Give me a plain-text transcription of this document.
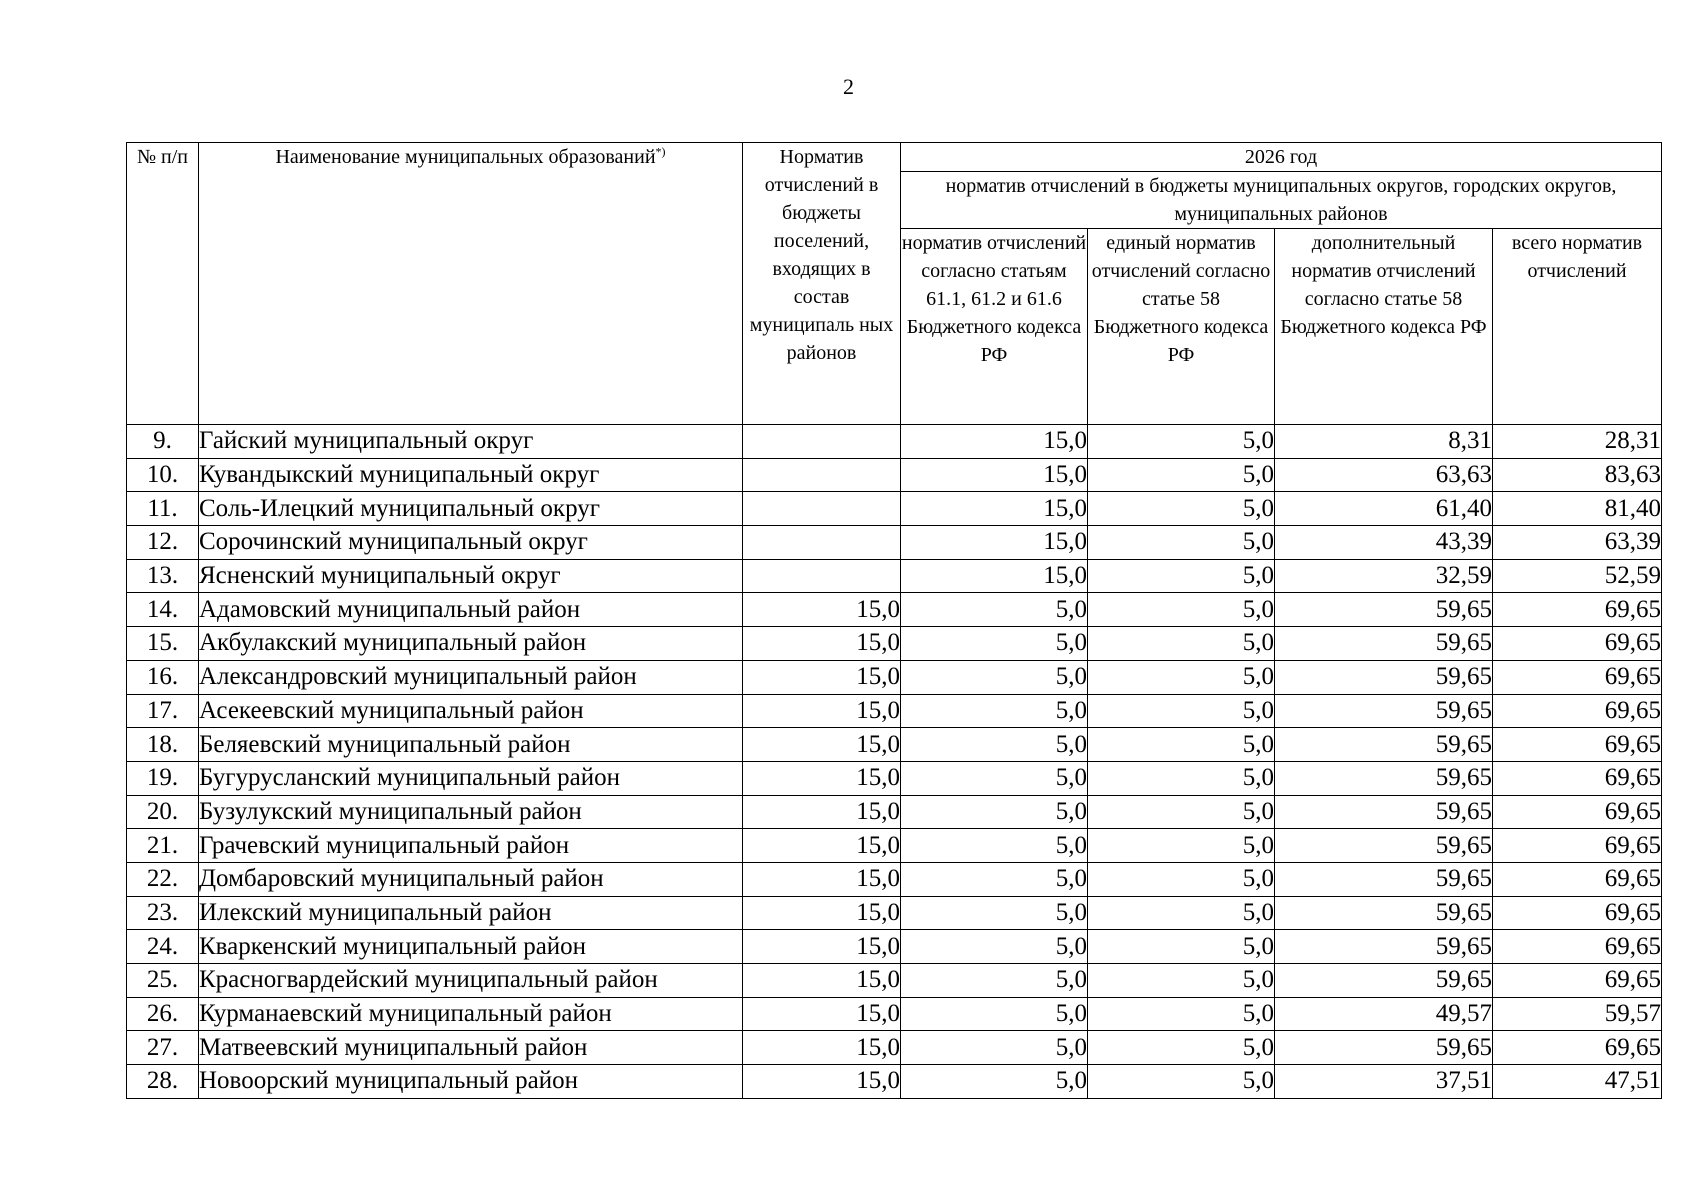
2
№ п/п	Наименование муниципальных образований*)	Норматив отчислений в бюджеты поселений, входящих в состав муниципаль ных районов	2026 год			
			норматив отчислений в бюджеты муниципальных округов, городских округов, муниципальных районов			
			норматив отчислений согласно статьям 61.1, 61.2 и 61.6 Бюджетного кодекса РФ	единый норматив отчислений согласно статье 58 Бюджетного кодекса РФ	дополнительный норматив отчислений согласно статье 58 Бюджетного кодекса РФ	всего норматив отчислений
9.	Гайский муниципальный округ		15,0	5,0	8,31	28,31
10.	Кувандыкский муниципальный округ		15,0	5,0	63,63	83,63
11.	Соль-Илецкий муниципальный округ		15,0	5,0	61,40	81,40
12.	Сорочинский муниципальный округ		15,0	5,0	43,39	63,39
13.	Ясненский муниципальный округ		15,0	5,0	32,59	52,59
14.	Адамовский муниципальный район	15,0	5,0	5,0	59,65	69,65
15.	Акбулакский муниципальный район	15,0	5,0	5,0	59,65	69,65
16.	Александровский муниципальный район	15,0	5,0	5,0	59,65	69,65
17.	Асекеевский муниципальный район	15,0	5,0	5,0	59,65	69,65
18.	Беляевский муниципальный район	15,0	5,0	5,0	59,65	69,65
19.	Бугурусланский муниципальный район	15,0	5,0	5,0	59,65	69,65
20.	Бузулукский муниципальный район	15,0	5,0	5,0	59,65	69,65
21.	Грачевский муниципальный район	15,0	5,0	5,0	59,65	69,65
22.	Домбаровский муниципальный район	15,0	5,0	5,0	59,65	69,65
23.	Илекский муниципальный район	15,0	5,0	5,0	59,65	69,65
24.	Кваркенский муниципальный район	15,0	5,0	5,0	59,65	69,65
25.	Красногвардейский муниципальный район	15,0	5,0	5,0	59,65	69,65
26.	Курманаевский муниципальный район	15,0	5,0	5,0	49,57	59,57
27.	Матвеевский муниципальный район	15,0	5,0	5,0	59,65	69,65
28.	Новоорский муниципальный район	15,0	5,0	5,0	37,51	47,51
